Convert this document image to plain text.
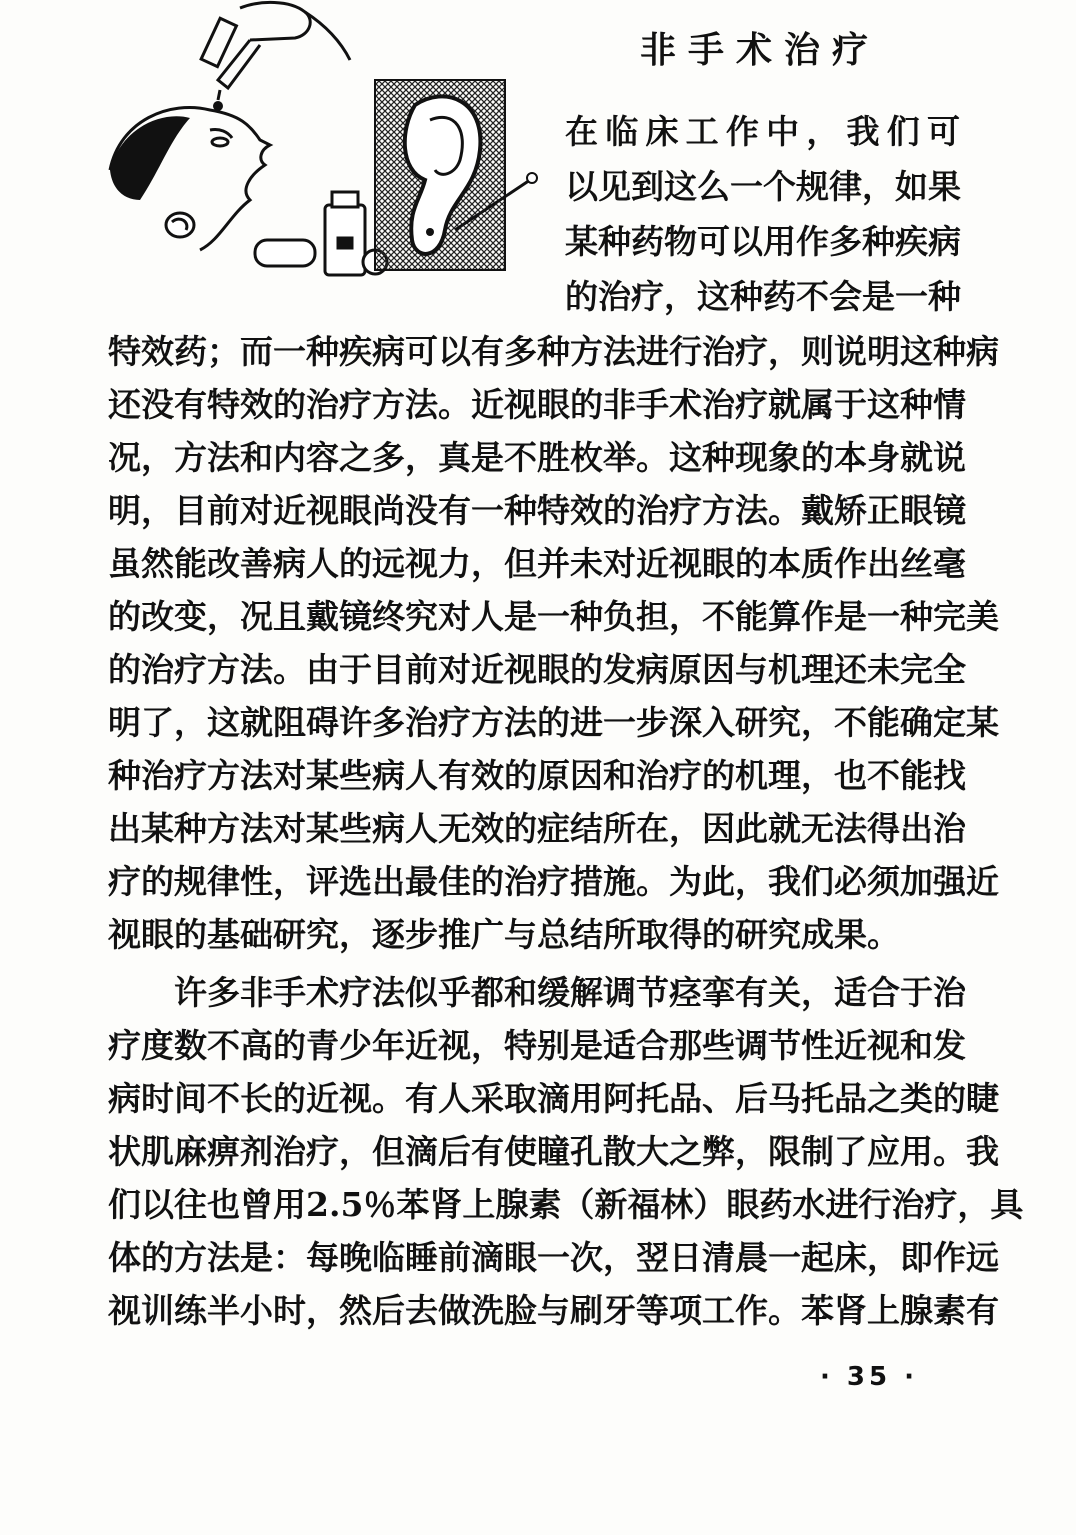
非手术治疗
在临床工作中，我们可
以见到这么一个规律，如果
某种药物可以用作多种疾病
的治疗，这种药不会是一种
特效药；而一种疾病可以有多种方法进行治疗，则说明这种病
还没有特效的治疗方法。近视眼的非手术治疗就属于这种情
况，方法和内容之多，真是不胜枚举。这种现象的本身就说
明，目前对近视眼尚没有一种特效的治疗方法。戴矫正眼镜
虽然能改善病人的远视力，但并未对近视眼的本质作出丝毫
的改变，况且戴镜终究对人是一种负担，不能算作是一种完美
的治疗方法。由于目前对近视眼的发病原因与机理还未完全
明了，这就阻碍许多治疗方法的进一步深入研究，不能确定某
种治疗方法对某些病人有效的原因和治疗的机理，也不能找
出某种方法对某些病人无效的症结所在，因此就无法得出治
疗的规律性，评选出最佳的治疗措施。为此，我们必须加强近
视眼的基础研究，逐步推广与总结所取得的研究成果。
　　许多非手术疗法似乎都和缓解调节痉挛有关，适合于治
疗度数不高的青少年近视，特别是适合那些调节性近视和发
病时间不长的近视。有人采取滴用阿托品、后马托品之类的睫
状肌麻痹剂治疗，但滴后有使瞳孔散大之弊，限制了应用。我
们以往也曾用2.5％苯肾上腺素（新福林）眼药水进行治疗，具
体的方法是：每晚临睡前滴眼一次，翌日清晨一起床，即作远
视训练半小时，然后去做洗脸与刷牙等项工作。苯肾上腺素有
· 35 ·
